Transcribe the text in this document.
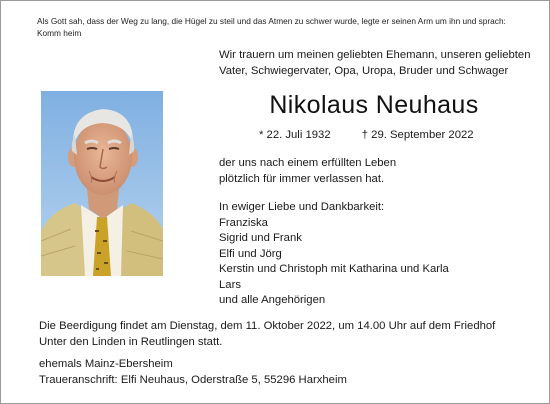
Als Gott sah, dass der Weg zu lang, die Hügel zu steil und das Atmen zu schwer wurde, legte er seinen Arm um ihn und sprach:
Komm heim
Wir trauern um meinen geliebten Ehemann, unseren geliebten
Vater, Schwiegervater, Opa, Uropa, Bruder und Schwager
Nikolaus Neuhaus
* 22. Juli 1932	† 29. September 2022
der uns nach einem erfüllten Leben
plötzlich für immer verlassen hat.
In ewiger Liebe und Dankbarkeit:
Franziska
Sigrid und Frank
Elfi und Jörg
Kerstin und Christoph mit Katharina und Karla
Lars
und alle Angehörigen
Die Beerdigung findet am Dienstag, dem 11. Oktober 2022, um 14.00 Uhr auf dem Friedhof
Unter den Linden in Reutlingen statt.
ehemals Mainz-Ebersheim
Traueranschrift: Elfi Neuhaus, Oderstraße 5, 55296 Harxheim
